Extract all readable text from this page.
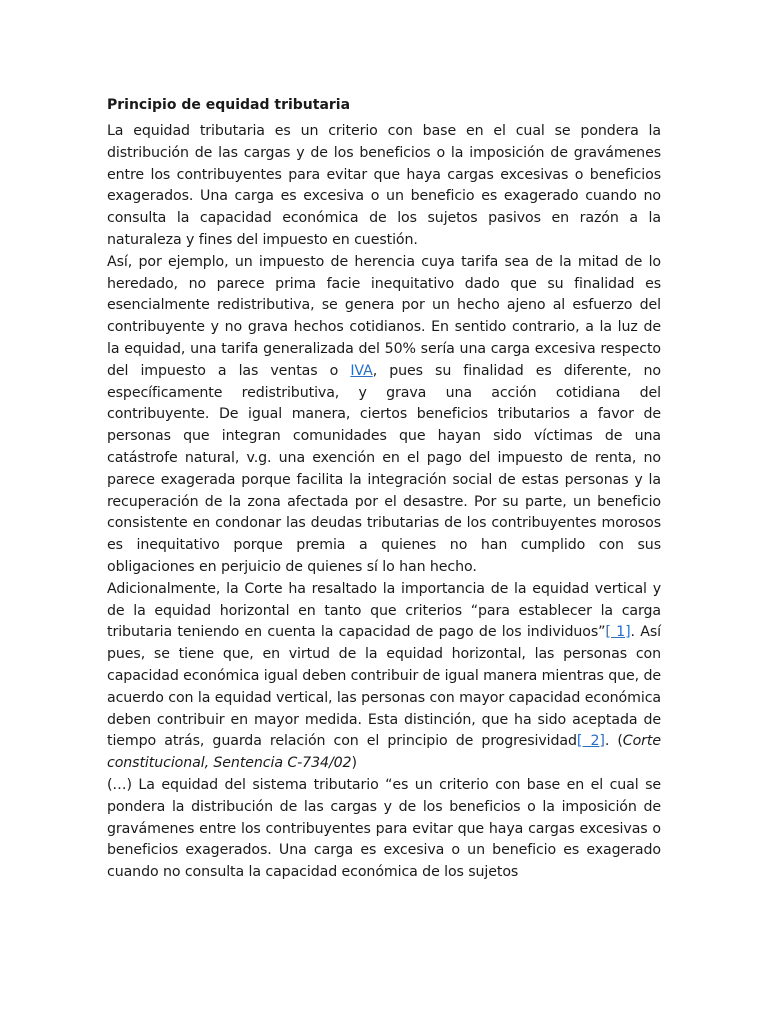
Principio de equidad tributaria

La equidad tributaria es un criterio con base en el cual se pondera la distribución de las cargas y de los beneficios o la imposición de gravámenes entre los contribuyentes para evitar que haya cargas excesivas o beneficios exagerados. Una carga es excesiva o un beneficio es exagerado cuando no consulta la capacidad económica de los sujetos pasivos en razón a la naturaleza y fines del impuesto en cuestión.

Así, por ejemplo, un impuesto de herencia cuya tarifa sea de la mitad de lo heredado, no parece prima facie inequitativo dado que su finalidad es esencialmente redistributiva, se genera por un hecho ajeno al esfuerzo del contribuyente y no grava hechos cotidianos. En sentido contrario, a la luz de la equidad, una tarifa generalizada del 50% sería una carga excesiva respecto del impuesto a las ventas o IVA, pues su finalidad es diferente, no específicamente redistributiva, y grava una acción cotidiana del contribuyente. De igual manera, ciertos beneficios tributarios a favor de personas que integran comunidades que hayan sido víctimas de una catástrofe natural, v.g. una exención en el pago del impuesto de renta, no parece exagerada porque facilita la integración social de estas personas y la recuperación de la zona afectada por el desastre. Por su parte, un beneficio consistente en condonar las deudas tributarias de los contribuyentes morosos es inequitativo porque premia a quienes no han cumplido con sus obligaciones en perjuicio de quienes sí lo han hecho.

Adicionalmente, la Corte ha resaltado la importancia de la equidad vertical y de la equidad horizontal en tanto que criterios “para establecer la carga tributaria teniendo en cuenta la capacidad de pago de los individuos”[ 1]. Así pues, se tiene que, en virtud de la equidad horizontal, las personas con capacidad económica igual deben contribuir de igual manera mientras que, de acuerdo con la equidad vertical, las personas con mayor capacidad económica deben contribuir en mayor medida. Esta distinción, que ha sido aceptada de tiempo atrás, guarda relación con el principio de progresividad[ 2]. (Corte constitucional, Sentencia C-734/02)

(…) La equidad del sistema tributario “es un criterio con base en el cual se pondera la distribución de las cargas y de los beneficios o la imposición de gravámenes entre los contribuyentes para evitar que haya cargas excesivas o beneficios exagerados. Una carga es excesiva o un beneficio es exagerado cuando no consulta la capacidad económica de los sujetos
